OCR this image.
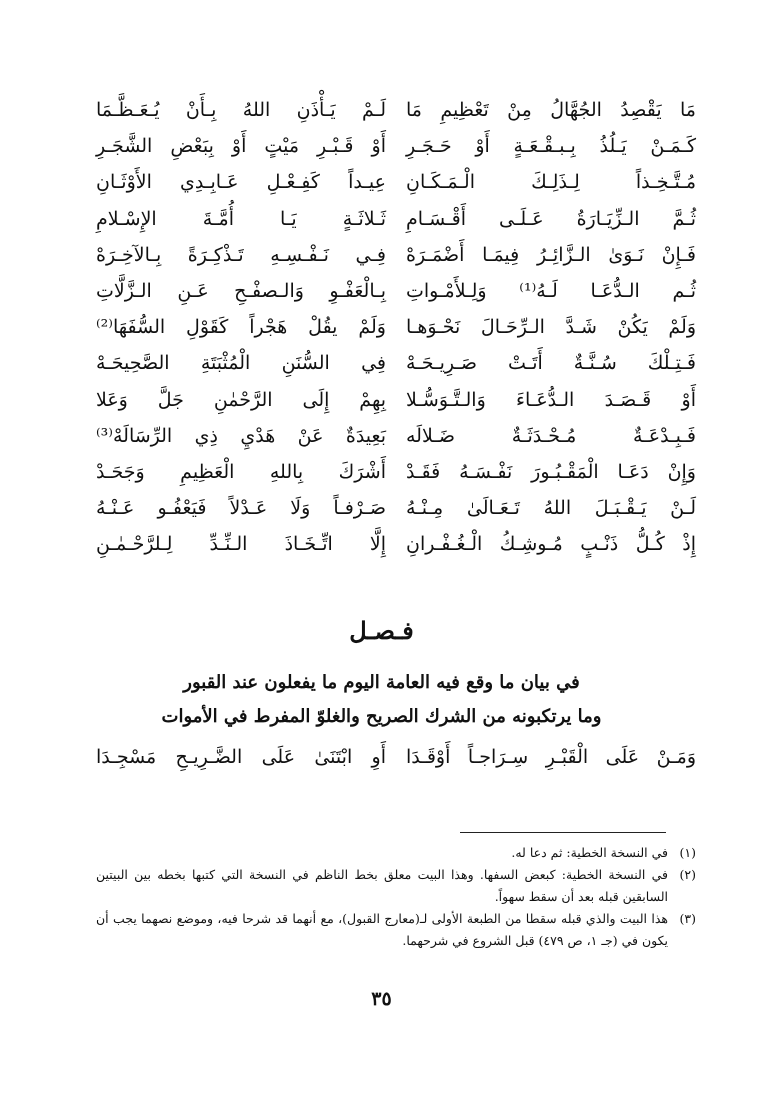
مَا يَقْصِدُ الجُهَّالُ مِنْ تَعْظِيمِ مَا
لَـمْ يَـأْذَنِ اللهُ بِـأَنْ يُـعَـظَّـمَا
كَـمَـنْ يَـلُذُ بِـبـقْـعَـةٍ أَوْ حَـجَـرِ
أَوْ قَـبْـرِ مَيْتٍ أَوْ بِبَعْضِ الشَّجَـرِ
مُـتَّـخِـذاً لِـذَلِـكَ الْـمَـكَـانِ
عِيـداً كَفِـعْـلِ عَـابِـدِي الأَوْثَـانِ
ثُـمَّ الـزِّيَـارَةُ عَـلَـى أَقْـسَـامِ
ثَـلاثَـةٍ يَـا أُمَّـةَ الإِسْـلامِ
فَـإِنْ نَـوَىٰ الـزَّائِـرُ فِيمَـا أَضْمَـرَهْ
فِـي نَـفْـسِـهِ تَـذْكِـرَةً بِـالآخِـرَهْ
ثُـم الـدُّعَـا لَـهُ⁽¹⁾ وَلِـلأَمْـواتِ
بِـالْعَفْـوِ وَالـصفْـحِ عَـنِ الـزَّلَّاتِ
وَلَمْ يَكُنْ شَـدَّ الـرِّحَـالَ نَحْـوَهـا
وَلَمْ يقُلْ هَجْراً كَقَوْلِ السُّفَهَا⁽²⁾
فَـتِـلْكَ سُـنَّـةٌ أَتَـتْ صَـرِيـحَـهْ
فِي السُّنَنِ الْمُثْبَتَةِ الصَّحِيحَـهْ
أَوْ قَـصَـدَ الـدُّعَـاءَ وَالـتَّـوَسُّـلا
بِهِمْ إِلَى الرَّحْمٰنِ جَلَّ وَعَلا
فَـبِـدْعَـةٌ مُـحْـدَثَـةٌ ضَـلالَه
بَعِيدَةٌ عَنْ هَدْيِ ذِي الرِّسَالَهْ⁽³⁾
وَإِنْ دَعَـا الْمَقْـبُـورَ نَفْـسَـهُ فَقَـدْ
أَشْرَكَ بِاللهِ الْعَظِيمِ وَجَحَـدْ
لَـنْ يَـقْـبَـلَ اللهُ تَـعَـالَىٰ مِـنْـهُ
صَـرْفـاً وَلَا عَـدْلاً فَيَعْفُـو عَـنْـهُ
إِذْ كُـلُّ ذَنْـبٍ مُـوشِـكُ الْـغُـفْـرانِ
إِلَّا اتِّـخَـاذَ الـنِّـدِّ لِـلرَّحْـمٰـنِ
فـصـل
في بيان ما وقع فيه العامة اليوم ما يفعلون عند القبور
وما يرتكبونه من الشرك الصريح والغلوّ المفرط في الأموات
وَمَـنْ عَلَى الْقَبْـرِ سِـرَاجـاً أَوْقَـدَا
أَوِ ابْتَنَىٰ عَلَى الضَّـرِيـحِ مَسْجِـدَا
(١)
في النسخة الخطية: ثم دعا له.
(٢)
في النسخة الخطية: كبعض السفها. وهذا البيت معلق بخط الناظم في النسخة التي كتبها بخطه بين البيتين السابقين قبله بعد أن سقط سهواً.
(٣)
هذا البيت والذي قبله سقطا من الطبعة الأولى لـ(معارج القبول)، مع أنهما قد شرحا فيه، وموضع نصهما يجب أن يكون في (جـ ١، ص ٤٧٩) قبل الشروع في شرحهما.
٣٥
